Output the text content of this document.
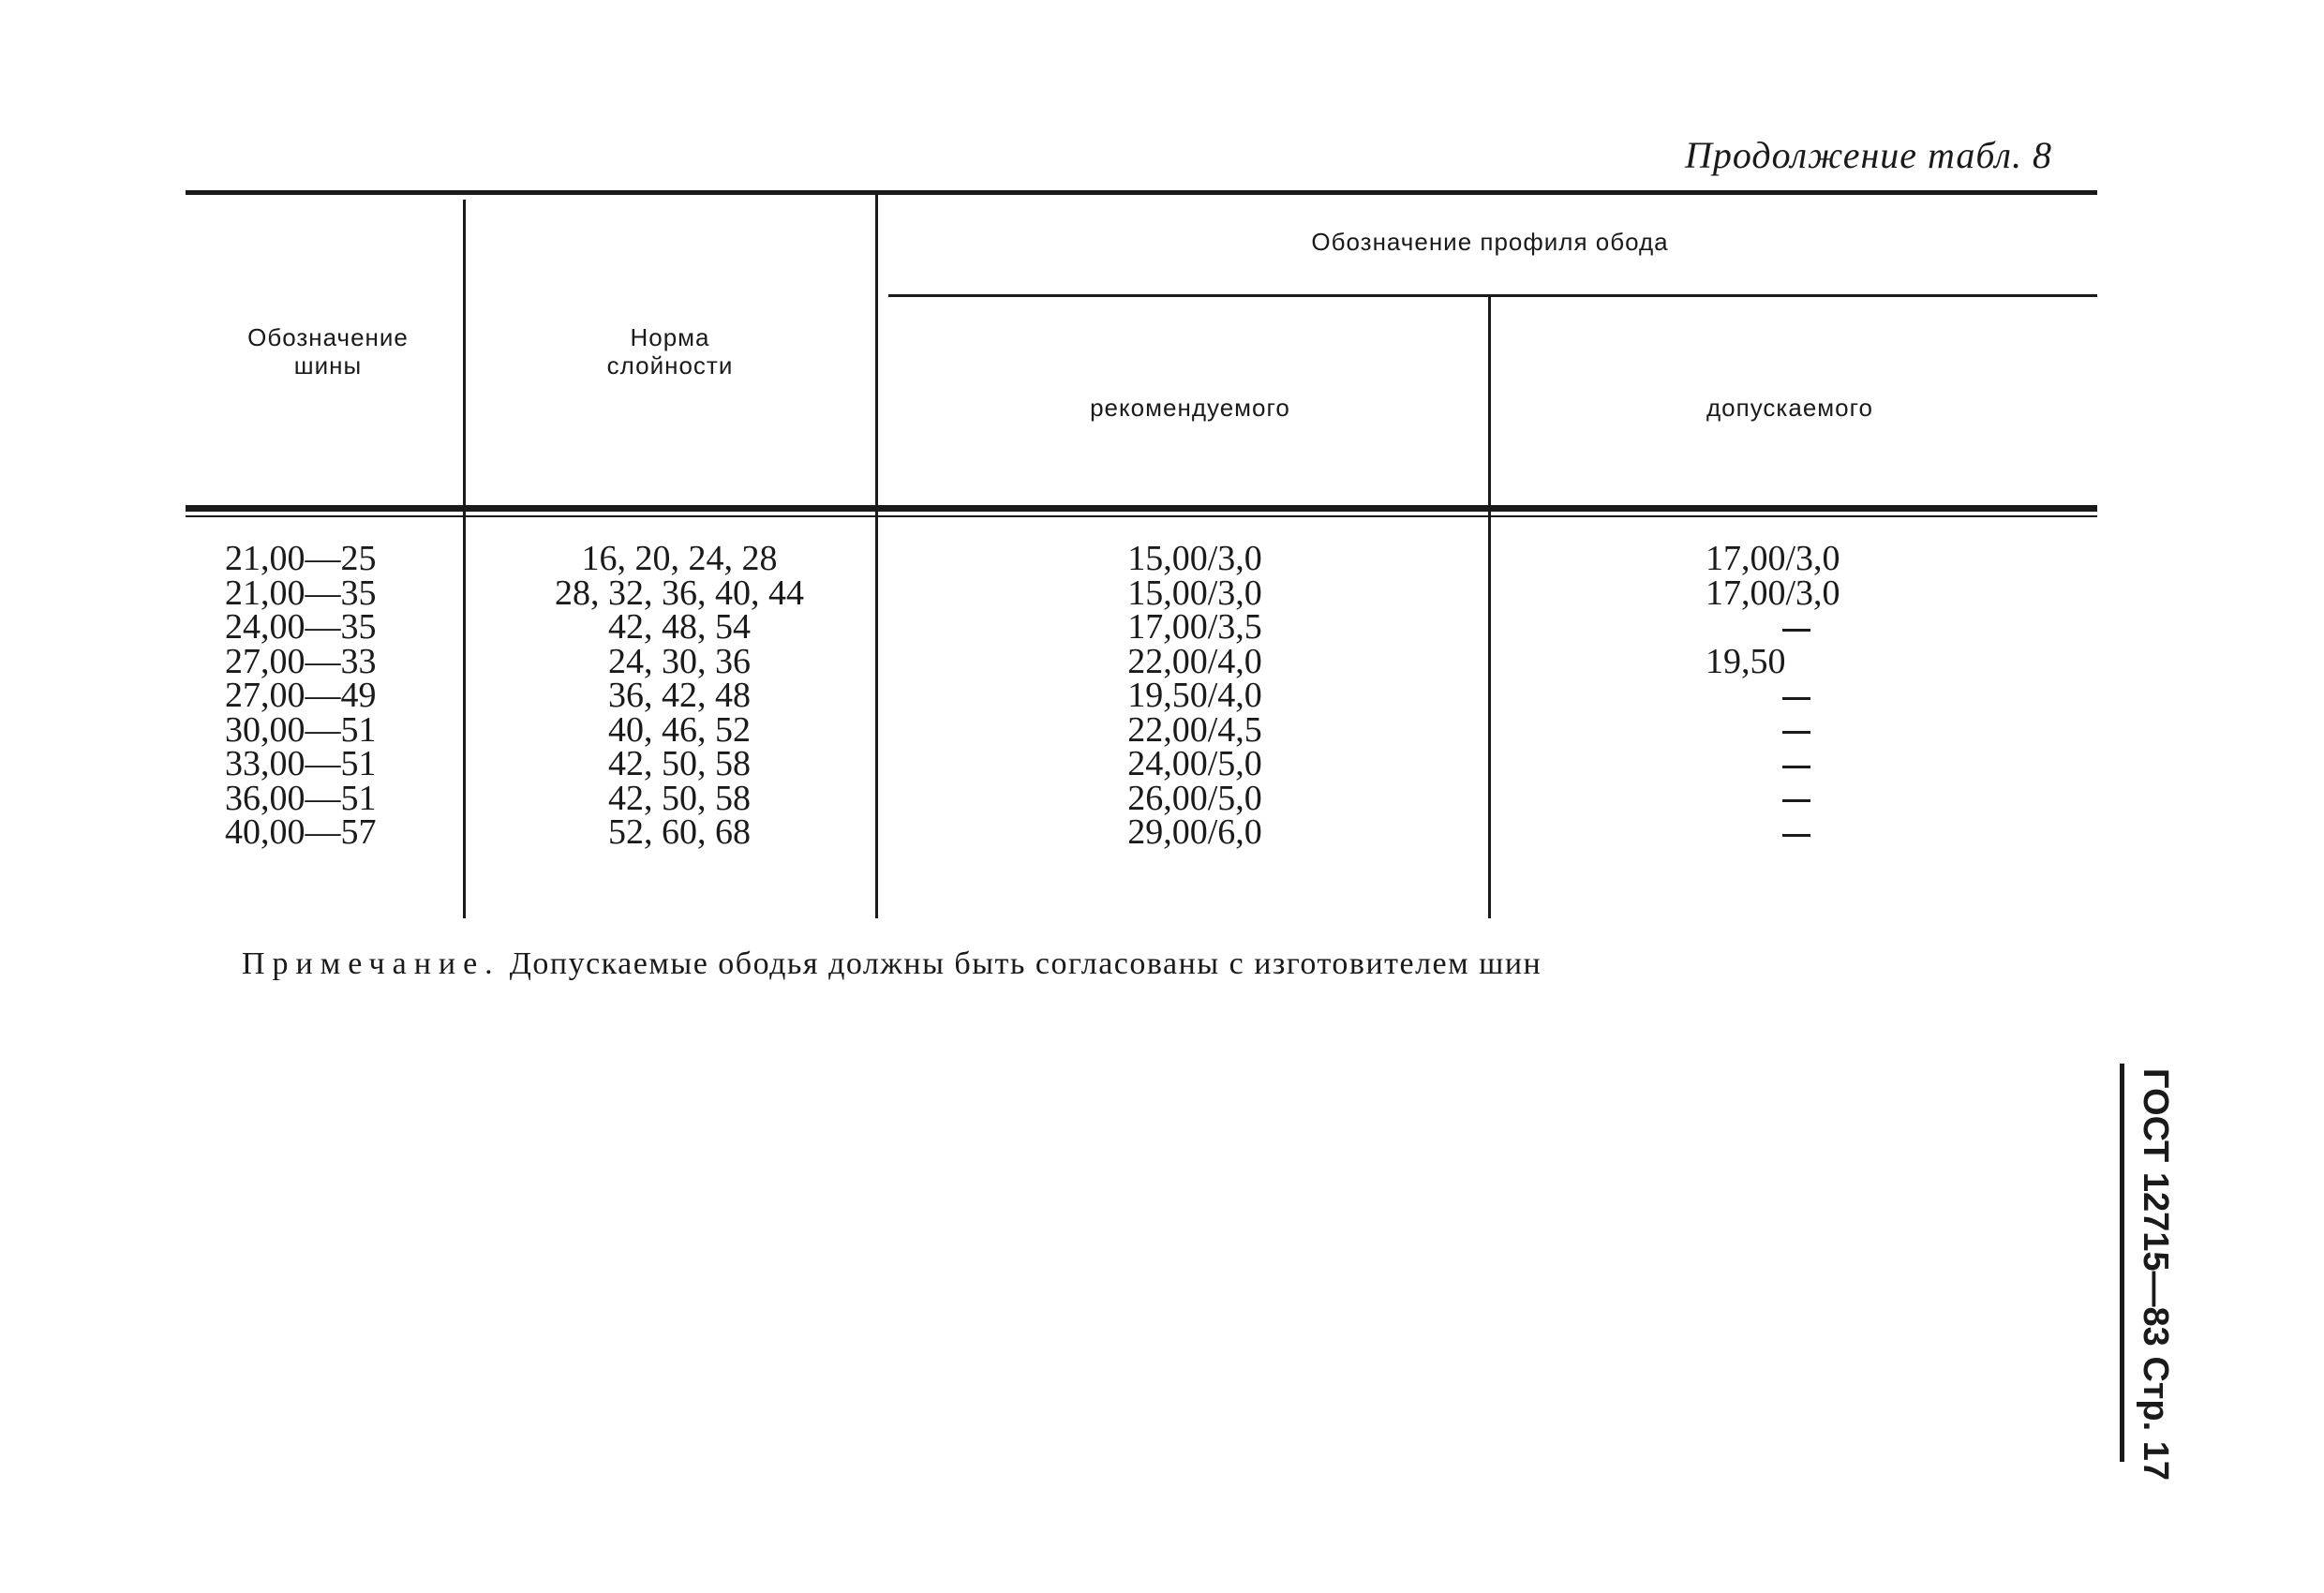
Продолжение табл. 8
Обозначение
шины
Норма
слойности
Обозначение профиля обода
рекомендуемого	допускаемого
21,00—25
21,00—35
24,00—35
27,00—33
27,00—49
30,00—51
33,00—51
36,00—51
40,00—57
16, 20, 24, 28
28, 32, 36, 40, 44
42, 48, 54
24, 30, 36
36, 42, 48
40, 46, 52
42, 50, 58
42, 50, 58
52, 60, 68
15,00/3,0
15,00/3,0
17,00/3,5
22,00/4,0
19,50/4,0
22,00/4,5
24,00/5,0
26,00/5,0
29,00/6,0
17,00/3,0
17,00/3,0
19,50
Примечание. Допускаемые ободья должны быть согласованы с изготовителем шин
ГОСТ 12715—83 Стр. 17
